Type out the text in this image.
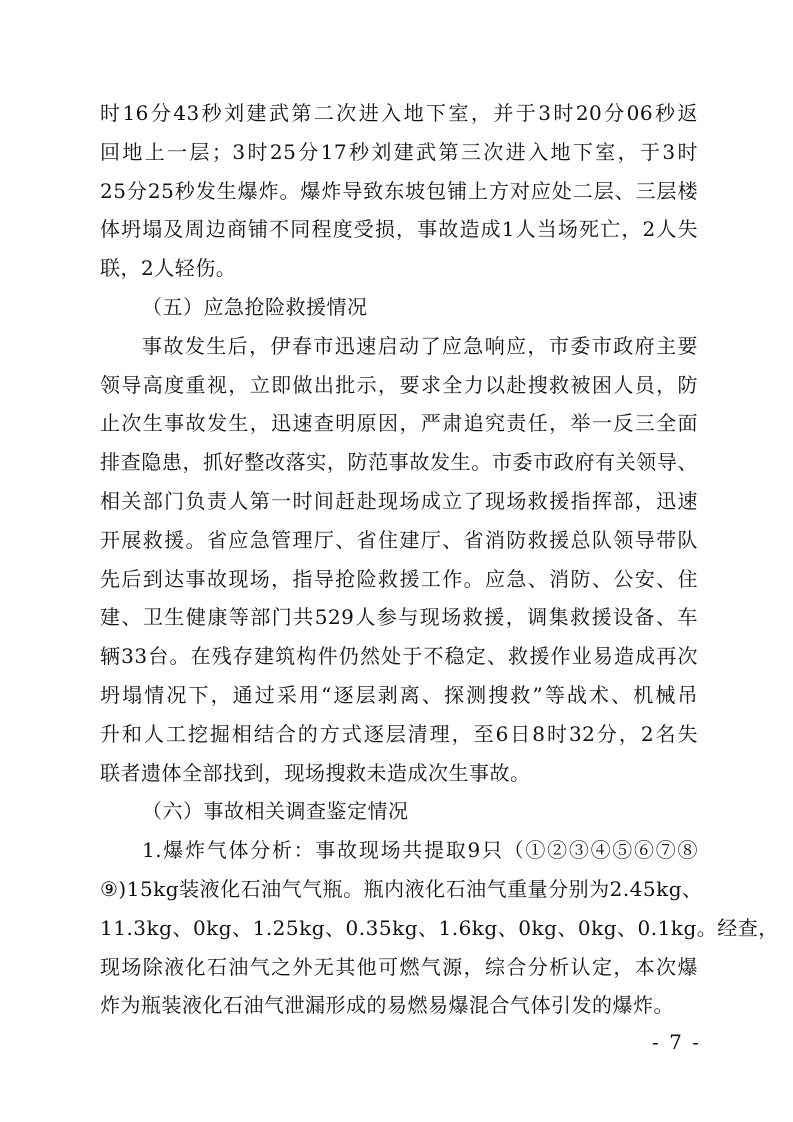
时16分43秒刘建武第二次进入地下室，并于3时20分06秒返
回地上一层；3时25分17秒刘建武第三次进入地下室，于3时
25分25秒发生爆炸。爆炸导致东坡包铺上方对应处二层、三层楼
体坍塌及周边商铺不同程度受损，事故造成1人当场死亡，2人失
联，2人轻伤。
（五）应急抢险救援情况
事故发生后，伊春市迅速启动了应急响应，市委市政府主要
领导高度重视，立即做出批示，要求全力以赴搜救被困人员，防
止次生事故发生，迅速查明原因，严肃追究责任，举一反三全面
排查隐患，抓好整改落实，防范事故发生。市委市政府有关领导、
相关部门负责人第一时间赶赴现场成立了现场救援指挥部，迅速
开展救援。省应急管理厅、省住建厅、省消防救援总队领导带队
先后到达事故现场，指导抢险救援工作。应急、消防、公安、住
建、卫生健康等部门共529人参与现场救援，调集救援设备、车
辆33台。在残存建筑构件仍然处于不稳定、救援作业易造成再次
坍塌情况下，通过采用“逐层剥离、探测搜救”等战术、机械吊
升和人工挖掘相结合的方式逐层清理，至6日8时32分，2名失
联者遗体全部找到，现场搜救未造成次生事故。
（六）事故相关调查鉴定情况
1.爆炸气体分析：事故现场共提取9只（①②③④⑤⑥⑦⑧
⑨)15kg装液化石油气气瓶。瓶内液化石油气重量分别为2.45kg、
11.3kg、0kg、1.25kg、0.35kg、1.6kg、0kg、0kg、0.1kg。经查，
现场除液化石油气之外无其他可燃气源，综合分析认定，本次爆
炸为瓶装液化石油气泄漏形成的易燃易爆混合气体引发的爆炸。
- 7 -
